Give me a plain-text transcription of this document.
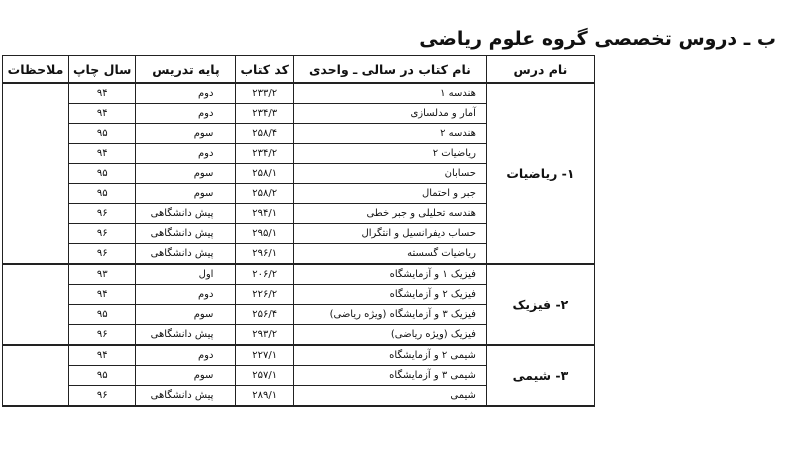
ب ـ دروس تخصصی گروه علوم ریاضی
نام درس	نام کتاب در سالی ـ واحدی	کد کتاب	پایه تدریس	سال چاپ	ملاحظات
۱- ریاضیات	هندسه ۱	۲۳۳/۲	دوم	۹۴	
	آمار و مدلسازی	۲۳۴/۳	دوم	۹۴	
	هندسه ۲	۲۵۸/۴	سوم	۹۵	
	ریاضیات ۲	۲۳۴/۲	دوم	۹۴	
	حسابان	۲۵۸/۱	سوم	۹۵	
	جبر و احتمال	۲۵۸/۲	سوم	۹۵	
	هندسه تحلیلی و جبر خطی	۲۹۴/۱	پیش دانشگاهی	۹۶	
	حساب دیفرانسیل و انتگرال	۲۹۵/۱	پیش دانشگاهی	۹۶	
	ریاضیات گسسته	۲۹۶/۱	پیش دانشگاهی	۹۶	
۲- فیزیک	فیزیک ۱ و آزمایشگاه	۲۰۶/۲	اول	۹۳	
	فیزیک ۲ و آزمایشگاه	۲۲۶/۲	دوم	۹۴	
	فیزیک ۳ و آزمایشگاه (ویژه ریاضی)	۲۵۶/۴	سوم	۹۵	
	فیزیک (ویژه ریاضی)	۲۹۳/۲	پیش دانشگاهی	۹۶	
۳- شیمی	شیمی ۲ و آزمایشگاه	۲۲۷/۱	دوم	۹۴	
	شیمی ۳ و آزمایشگاه	۲۵۷/۱	سوم	۹۵	
	شیمی	۲۸۹/۱	پیش دانشگاهی	۹۶	
